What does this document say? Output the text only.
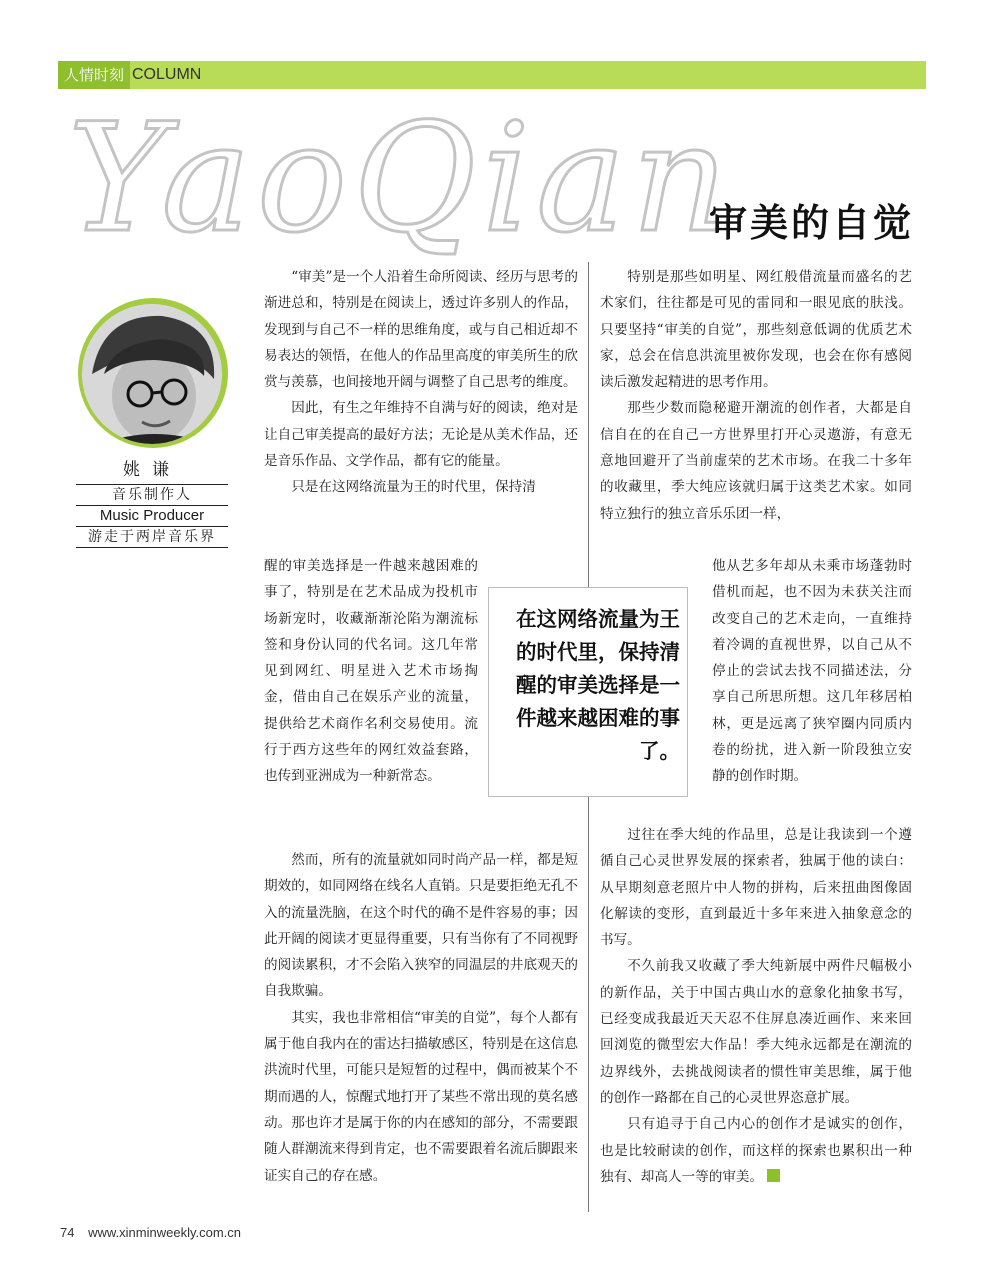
人情时刻 COLUMN
YaoQian
审美的自觉
姚谦
音乐制作人
Music Producer
游走于两岸音乐界

“审美”是一个人沿着生命所阅读、经历与思考的渐进总和，特别是在阅读上，透过许多别人的作品，发现到与自己不一样的思维角度，或与自己相近却不易表达的领悟，在他人的作品里高度的审美所生的欣赏与羡慕，也间接地开阔与调整了自己思考的维度。

因此，有生之年维持不自满与好的阅读，绝对是让自己审美提高的最好方法；无论是从美术作品，还是音乐作品、文学作品，都有它的能量。

只是在这网络流量为王的时代里，保持清

醒的审美选择是一件越来越困难的事了，特别是在艺术品成为投机市场新宠时，收藏渐渐沦陷为潮流标签和身份认同的代名词。这几年常见到网红、明星进入艺术市场掏金，借由自己在娱乐产业的流量，提供给艺术商作名利交易使用。流行于西方这些年的网红效益套路，也传到亚洲成为一种新常态。

然而，所有的流量就如同时尚产品一样，都是短期效的，如同网络在线名人直销。只是要拒绝无孔不入的流量洗脑，在这个时代的确不是件容易的事；因此开阔的阅读才更显得重要，只有当你有了不同视野的阅读累积，才不会陷入狭窄的同温层的井底观天的自我欺骗。

其实，我也非常相信“审美的自觉”，每个人都有属于他自我内在的雷达扫描敏感区，特别是在这信息洪流时代里，可能只是短暂的过程中，偶而被某个不期而遇的人，惊醒式地打开了某些不常出现的莫名感动。那也许才是属于你的内在感知的部分，不需要跟随人群潮流来得到肯定，也不需要跟着名流后脚跟来证实自己的存在感。

在这网络流量为王的时代里，保持清醒的审美选择是一件越来越困难的事了。

特别是那些如明星、网红般借流量而盛名的艺术家们，往往都是可见的雷同和一眼见底的肤浅。只要坚持“审美的自觉”，那些刻意低调的优质艺术家，总会在信息洪流里被你发现，也会在你有感阅读后激发起精进的思考作用。

那些少数而隐秘避开潮流的创作者，大都是自信自在的在自己一方世界里打开心灵遨游，有意无意地回避开了当前虚荣的艺术市场。在我二十多年的收藏里，季大纯应该就归属于这类艺术家。如同特立独行的独立音乐乐团一样，

他从艺多年却从未乘市场蓬勃时借机而起，也不因为未获关注而改变自己的艺术走向，一直维持着冷调的直视世界，以自己从不停止的尝试去找不同描述法，分享自己所思所想。这几年移居柏林，更是远离了狭窄圈内同质内卷的纷扰，进入新一阶段独立安静的创作时期。

过往在季大纯的作品里，总是让我读到一个遵循自己心灵世界发展的探索者，独属于他的读白：从早期刻意老照片中人物的拼构，后来扭曲图像固化解读的变形，直到最近十多年来进入抽象意念的书写。

不久前我又收藏了季大纯新展中两件尺幅极小的新作品，关于中国古典山水的意象化抽象书写，已经变成我最近天天忍不住屏息凑近画作、来来回回浏览的微型宏大作品！季大纯永远都是在潮流的边界线外，去挑战阅读者的惯性审美思维，属于他的创作一路都在自己的心灵世界恣意扩展。

只有追寻于自己内心的创作才是诚实的创作，也是比较耐读的创作，而这样的探索也累积出一种独有、却高人一等的审美。

74 www.xinminweekly.com.cn
